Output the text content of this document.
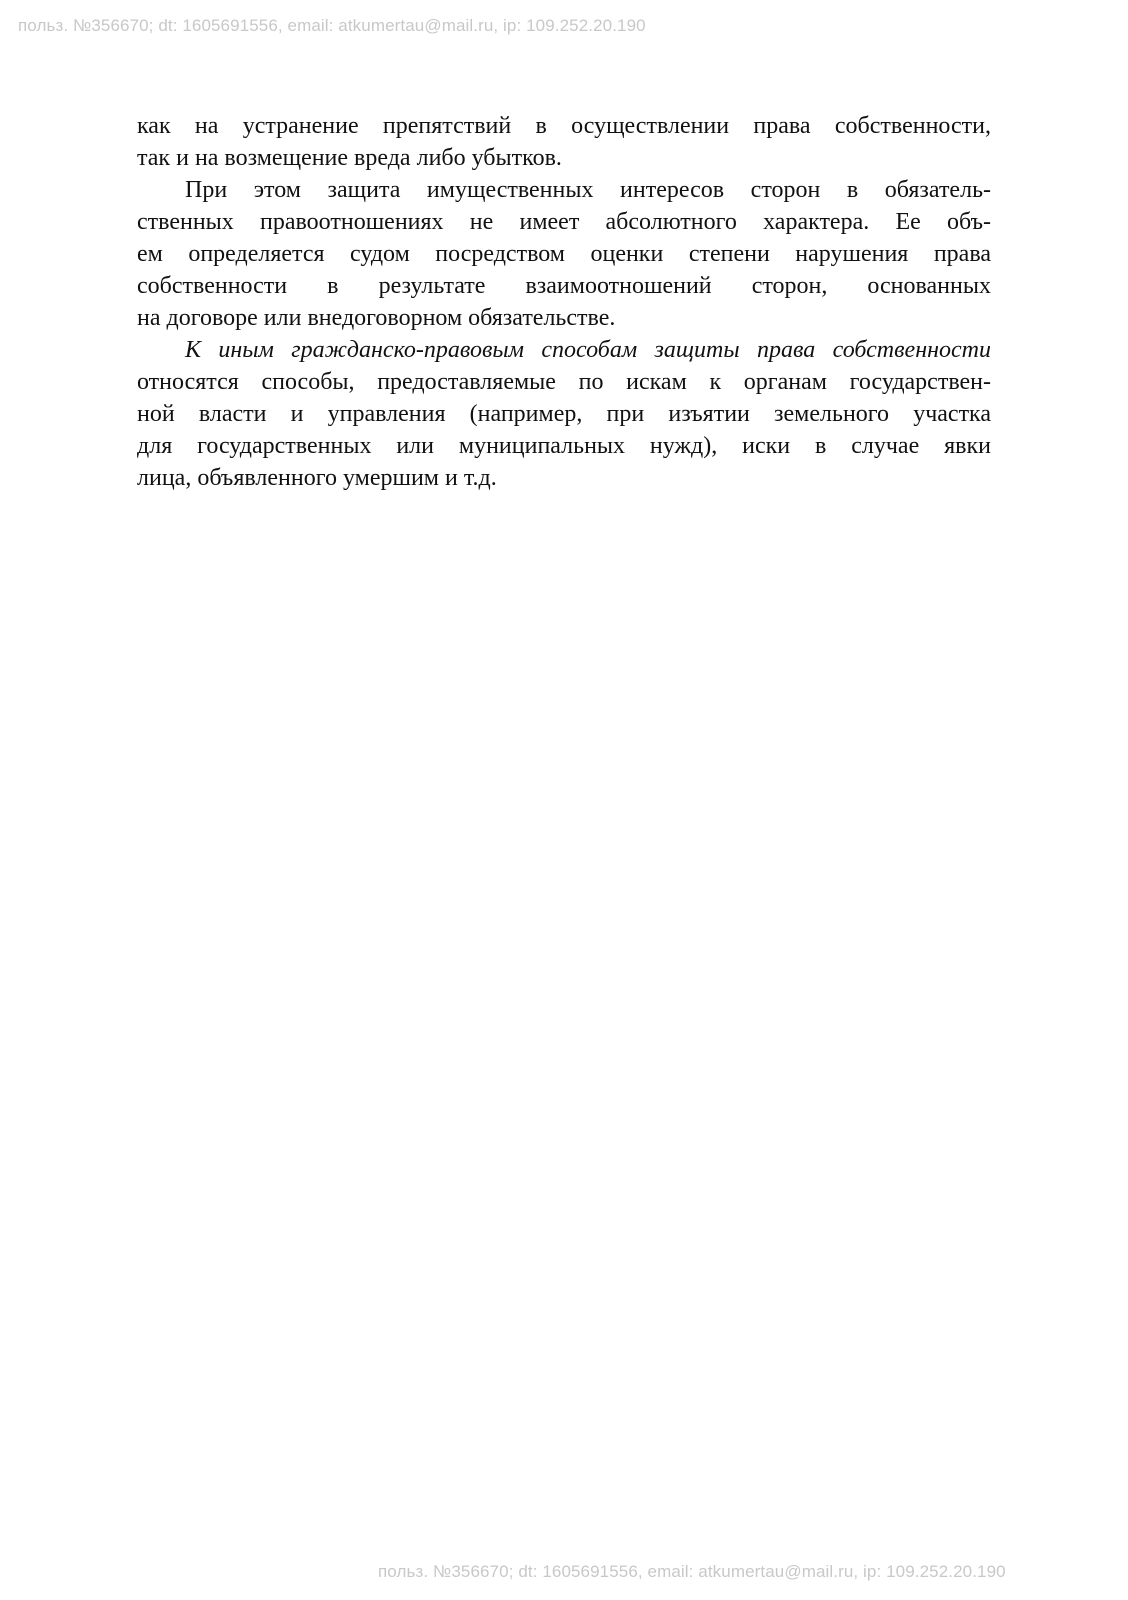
польз. №356670; dt: 1605691556, email: atkumertau@mail.ru, ip: 109.252.20.190
как на устранение препятствий в осуществлении права собственности,
так и на возмещение вреда либо убытков.
При этом защита имущественных интересов сторон в обязатель-
ственных правоотношениях не имеет абсолютного характера. Ее объ-
ем определяется судом посредством оценки степени нарушения права
собственности в результате взаимоотношений сторон, основанных
на договоре или внедоговорном обязательстве.
К иным гражданско-правовым способам защиты права собственности
относятся способы, предоставляемые по искам к органам государствен-
ной власти и управления (например, при изъятии земельного участка
для государственных или муниципальных нужд), иски в случае явки
лица, объявленного умершим и т.д.
польз. №356670; dt: 1605691556, email: atkumertau@mail.ru, ip: 109.252.20.190
